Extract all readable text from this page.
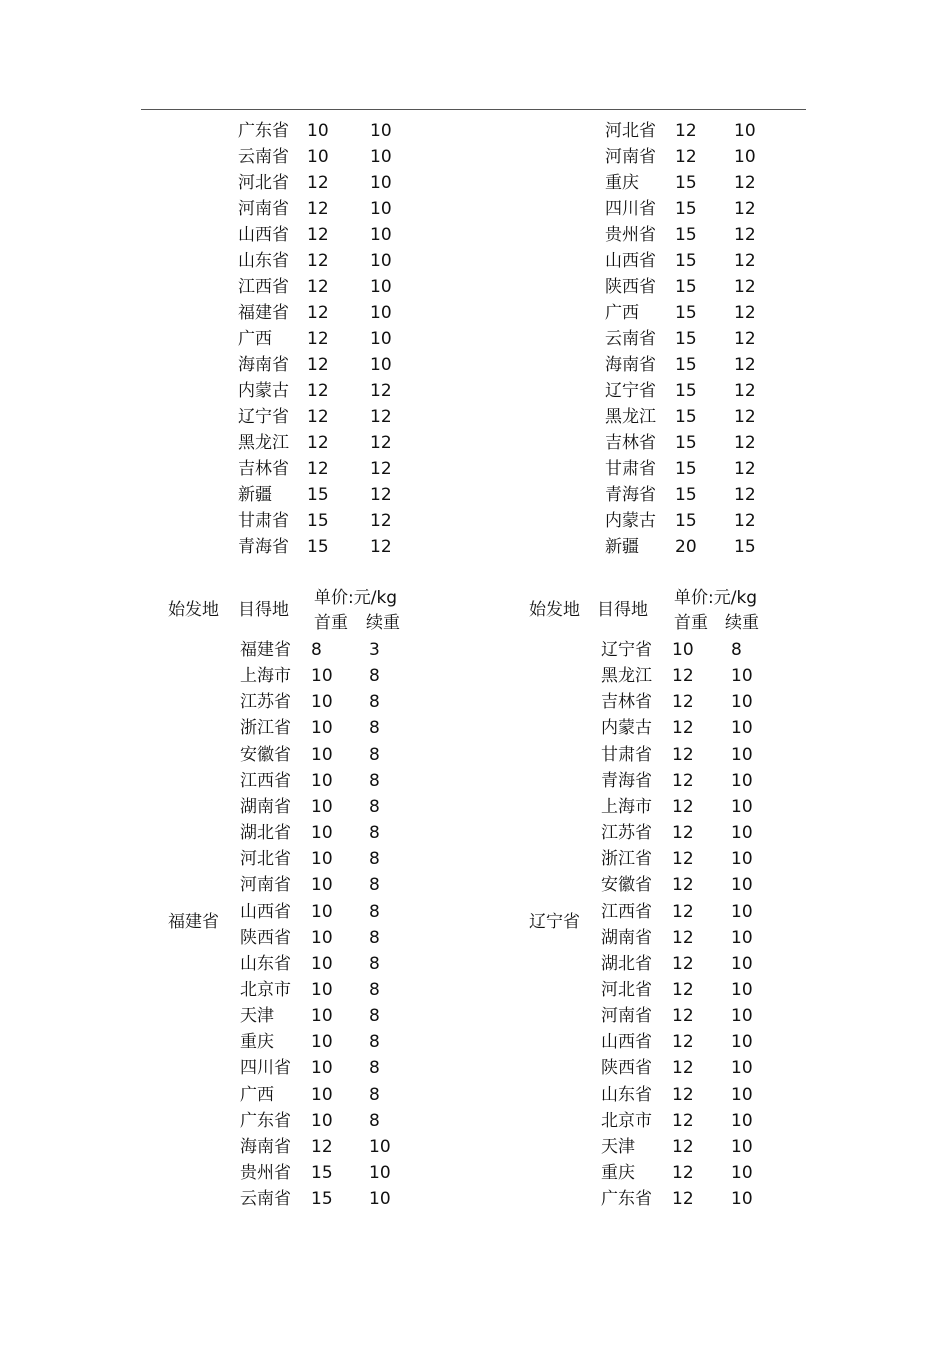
广东省 10 10
云南省 10 10
河北省 12 10
河南省 12 10
山西省 12 10
山东省 12 10
江西省 12 10
福建省 12 10
广西 12 10
海南省 12 10
内蒙古 12 12
辽宁省 12 12
黑龙江 12 12
吉林省 12 12
新疆 15 12
甘肃省 15 12
青海省 15 12
河北省 12 10
河南省 12 10
重庆 15 12
四川省 15 12
贵州省 15 12
山西省 15 12
陕西省 15 12
广西 15 12
云南省 15 12
海南省 15 12
辽宁省 15 12
黑龙江 15 12
吉林省 15 12
甘肃省 15 12
青海省 15 12
内蒙古 15 12
新疆 20 15
始发地 目得地
单价:元/kg
首重 续重
福建省
福建省 8	3
上海市 10 8
江苏省 10 8
浙江省 10 8
安徽省 10 8
江西省 10 8
湖南省 10 8
湖北省 10 8
河北省 10 8
河南省 10 8
山西省 10 8
陕西省 10 8
山东省 10 8
北京市 10 8
天津 10 8
重庆 10 8
四川省 10 8
广西 10 8
广东省 10 8
海南省 12 10
贵州省 15 10
云南省 15 10
始发地 目得地
单价:元/kg
首重 续重
辽宁省
辽宁省 10 8
黑龙江 12 10
吉林省 12 10
内蒙古 12 10
甘肃省 12 10
青海省 12 10
上海市 12 10
江苏省 12 10
浙江省 12 10
安徽省 12 10
江西省 12 10
湖南省 12 10
湖北省 12 10
河北省 12 10
河南省 12 10
山西省 12 10
陕西省 12 10
山东省 12 10
北京市 12 10
天津 12 10
重庆 12 10
广东省 12 10
